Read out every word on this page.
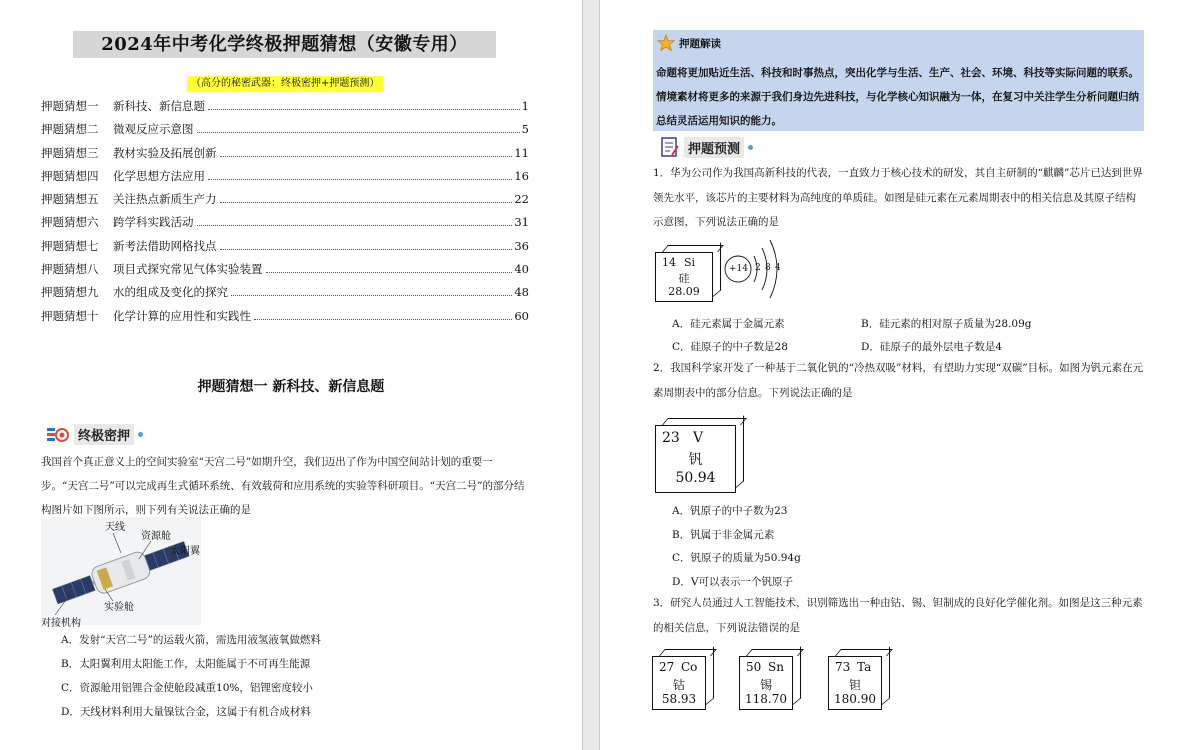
2024年中考化学终极押题猜想（安徽专用）
（高分的秘密武器：终极密押+押题预测）
押题猜想一	新科技、新信息题	1
押题猜想二	微观反应示意图	5
押题猜想三	教材实验及拓展创新	11
押题猜想四	化学思想方法应用	16
押题猜想五	关注热点新质生产力	22
押题猜想六	跨学科实践活动	31
押题猜想七	新考法借助网格找点	36
押题猜想八	项目式探究常见气体实验装置	40
押题猜想九	水的组成及变化的探究	48
押题猜想十	化学计算的应用性和实践性	60
押题猜想一 新科技、新信息题
终极密押
我国首个真正意义上的空间实验室“天宫二号”如期升空，我们迈出了作为中国空间站计划的重要一步。“天宫二号”可以完成再生式循环系统、有效载荷和应用系统的实验等科研项目。“天宫二号”的部分结构图片如下图所示，则下列有关说法正确的是
天线
资源舱
太阳翼
实验舱
对接机构
A．发射“天宫二号”的运载火箭，需选用液氢液氧做燃料
B．太阳翼利用太阳能工作，太阳能属于不可再生能源
C．资源舱用铝锂合金使舱段减重10%，铝锂密度较小
D．天线材料利用大量镍钛合金，这属于有机合成材料
押题解读
命题将更加贴近生活、科技和时事热点，突出化学与生活、生产、社会、环境、科技等实际问题的联系。情境素材将更多的来源于我们身边先进科技，与化学核心知识融为一体，在复习中关注学生分析问题归纳总结灵活运用知识的能力。
押题预测
1．华为公司作为我国高新科技的代表，一直致力于核心技术的研发，其自主研制的“麒麟”芯片已达到世界领先水平，该芯片的主要材料为高纯度的单质硅。如图是硅元素在元素周期表中的相关信息及其原子结构示意图，下列说法正确的是
14 Si
硅
28.09
+14 2 8 4
A．硅元素属于金属元素	B．硅元素的相对原子质量为28.09g
C．硅原子的中子数是28	D．硅原子的最外层电子数是4
2．我国科学家开发了一种基于二氧化钒的“冷热双吸”材料，有望助力实现“双碳”目标。如图为钒元素在元素周期表中的部分信息。下列说法正确的是
23 V
钒
50.94
A．钒原子的中子数为23
B．钒属于非金属元素
C．钒原子的质量为50.94g
D．V可以表示一个钒原子
3．研究人员通过人工智能技术，识别筛选出一种由钴、锡、钽制成的良好化学催化剂。如图是这三种元素的相关信息，下列说法错误的是
27 Co
钴
58.93
50 Sn
锡
118.70
73 Ta
钽
180.90
